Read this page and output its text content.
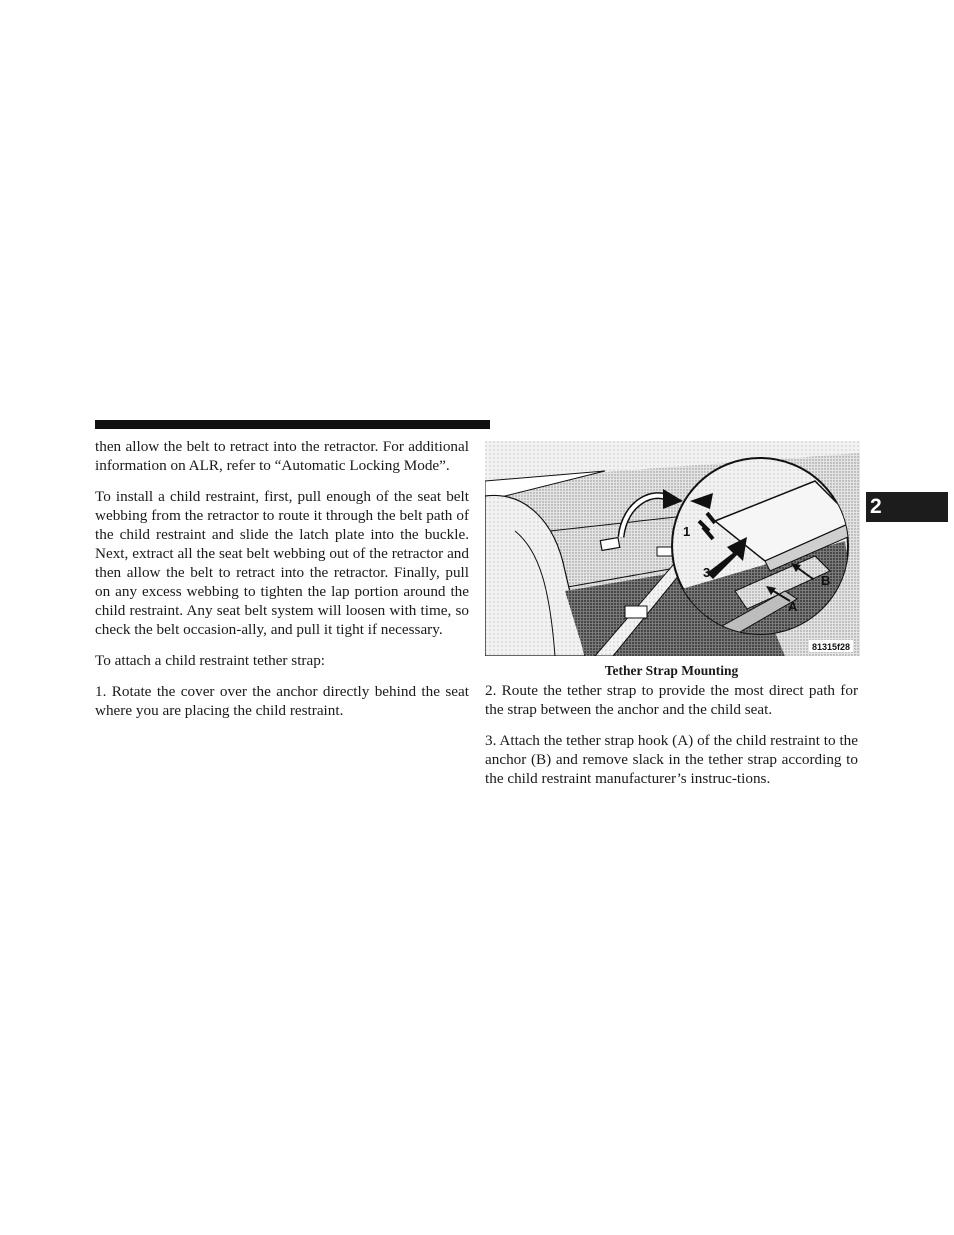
2

then allow the belt to retract into the retractor. For additional information on ALR, refer to “Automatic Locking Mode”.

To install a child restraint, first, pull enough of the seat belt webbing from the retractor to route it through the belt path of the child restraint and slide the latch plate into the buckle. Next, extract all the seat belt webbing out of the retractor and then allow the belt to retract into the retractor. Finally, pull on any excess webbing to tighten the lap portion around the child restraint. Any seat belt system will loosen with time, so check the belt occasion-ally, and pull it tight if necessary.

To attach a child restraint tether strap:

1. Rotate the cover over the anchor directly behind the seat where you are placing the child restraint.

1
3
B
A
81315f28
Tether Strap Mounting

2. Route the tether strap to provide the most direct path for the strap between the anchor and the child seat.

3. Attach the tether strap hook (A) of the child restraint to the anchor (B) and remove slack in the tether strap according to the child restraint manufacturer’s instruc-tions.
